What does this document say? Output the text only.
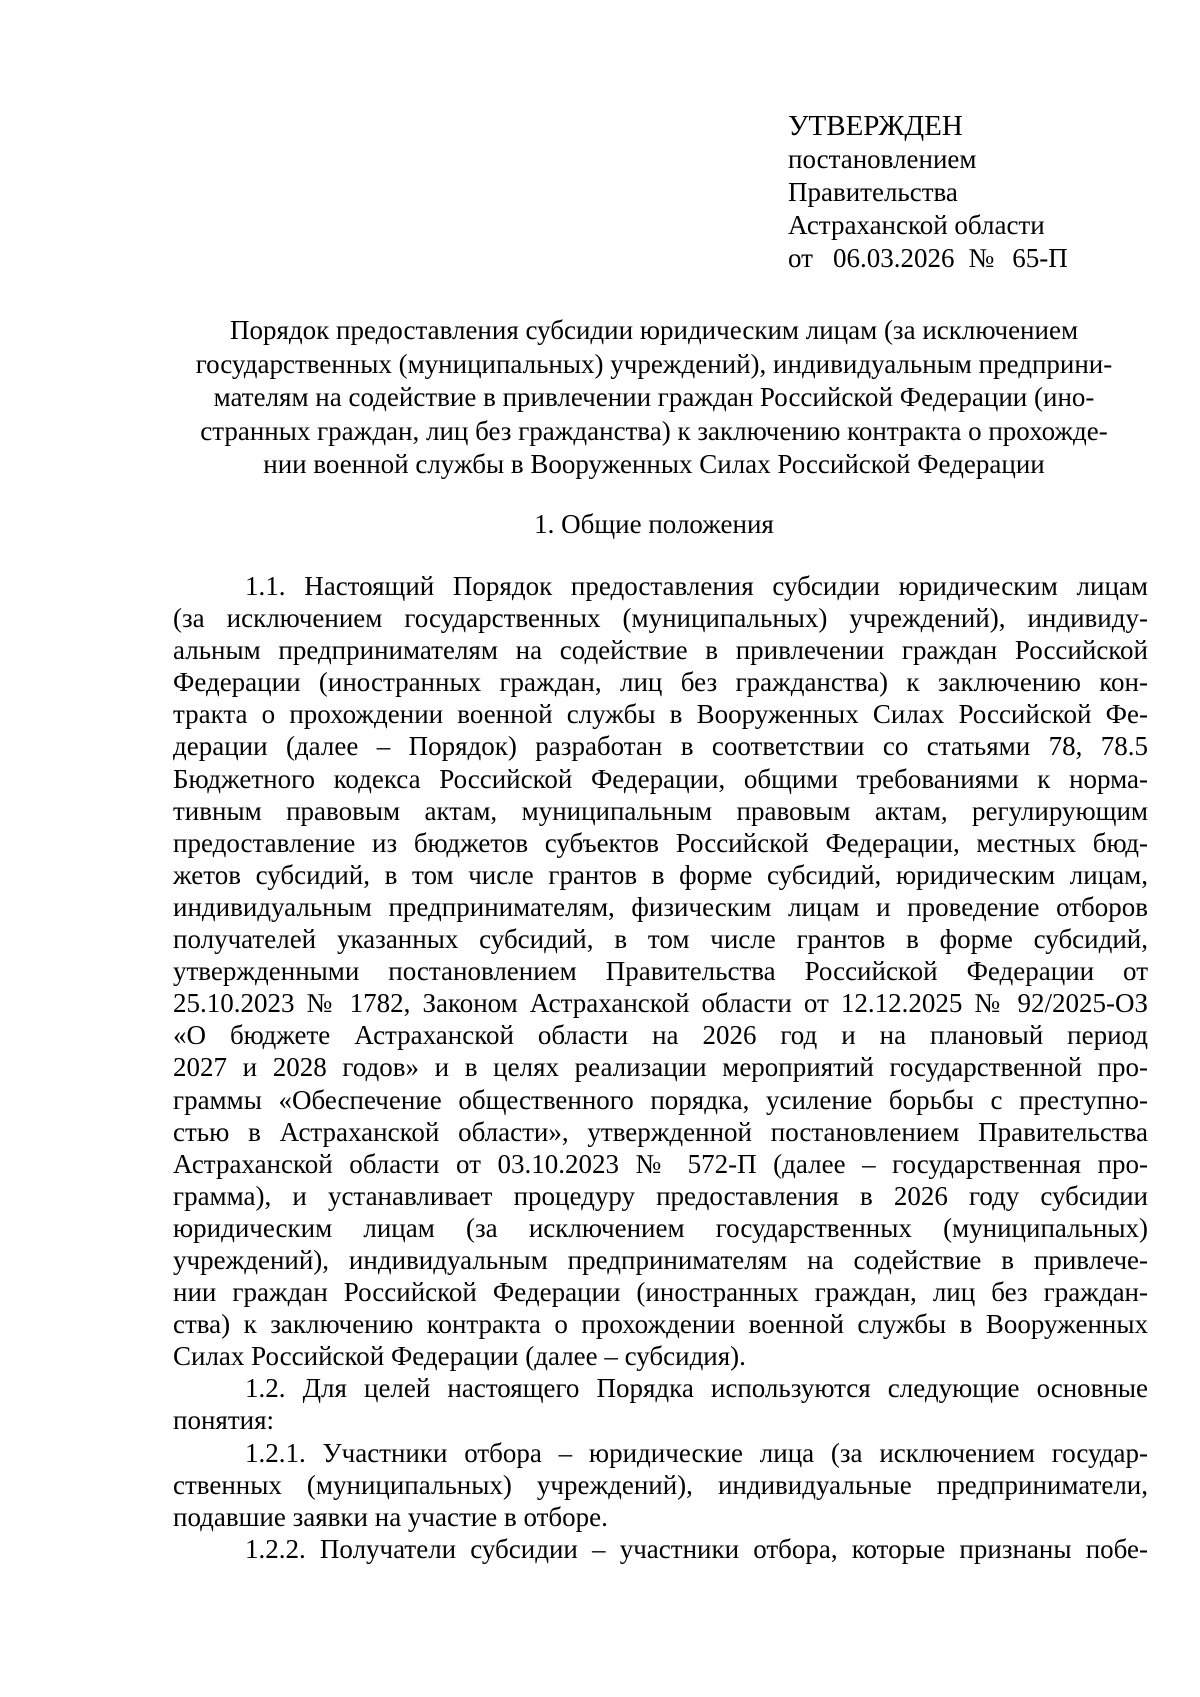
УТВЕРЖДЕН
постановлением
Правительства
Астраханской области
от 06.03.2026 № 65-П
Порядок предоставления субсидии юридическим лицам (за исключением
государственных (муниципальных) учреждений), индивидуальным предприни-
мателям на содействие в привлечении граждан Российской Федерации (ино-
странных граждан, лиц без гражданства) к заключению контракта о прохожде-
нии военной службы в Вооруженных Силах Российской Федерации
1. Общие положения
1.1. Настоящий Порядок предоставления субсидии юридическим лицам
(за исключением государственных (муниципальных) учреждений), индивиду-
альным предпринимателям на содействие в привлечении граждан Российской
Федерации (иностранных граждан, лиц без гражданства) к заключению кон-
тракта о прохождении военной службы в Вооруженных Силах Российской Фе-
дерации (далее – Порядок) разработан в соответствии со статьями 78, 78.5
Бюджетного кодекса Российской Федерации, общими требованиями к норма-
тивным правовым актам, муниципальным правовым актам, регулирующим
предоставление из бюджетов субъектов Российской Федерации, местных бюд-
жетов субсидий, в том числе грантов в форме субсидий, юридическим лицам,
индивидуальным предпринимателям, физическим лицам и проведение отборов
получателей указанных субсидий, в том числе грантов в форме субсидий,
утвержденными постановлением Правительства Российской Федерации от
25.10.2023 № 1782, Законом Астраханской области от 12.12.2025 № 92/2025-ОЗ
«О бюджете Астраханской области на 2026 год и на плановый период
2027 и 2028 годов» и в целях реализации мероприятий государственной про-
граммы «Обеспечение общественного порядка, усиление борьбы с преступно-
стью в Астраханской области», утвержденной постановлением Правительства
Астраханской области от 03.10.2023 № 572-П (далее – государственная про-
грамма), и устанавливает процедуру предоставления в 2026 году субсидии
юридическим лицам (за исключением государственных (муниципальных)
учреждений), индивидуальным предпринимателям на содействие в привлече-
нии граждан Российской Федерации (иностранных граждан, лиц без граждан-
ства) к заключению контракта о прохождении военной службы в Вооруженных
Силах Российской Федерации (далее – субсидия).
1.2. Для целей настоящего Порядка используются следующие основные
понятия:
1.2.1. Участники отбора – юридические лица (за исключением государ-
ственных (муниципальных) учреждений), индивидуальные предприниматели,
подавшие заявки на участие в отборе.
1.2.2. Получатели субсидии – участники отбора, которые признаны побе-
